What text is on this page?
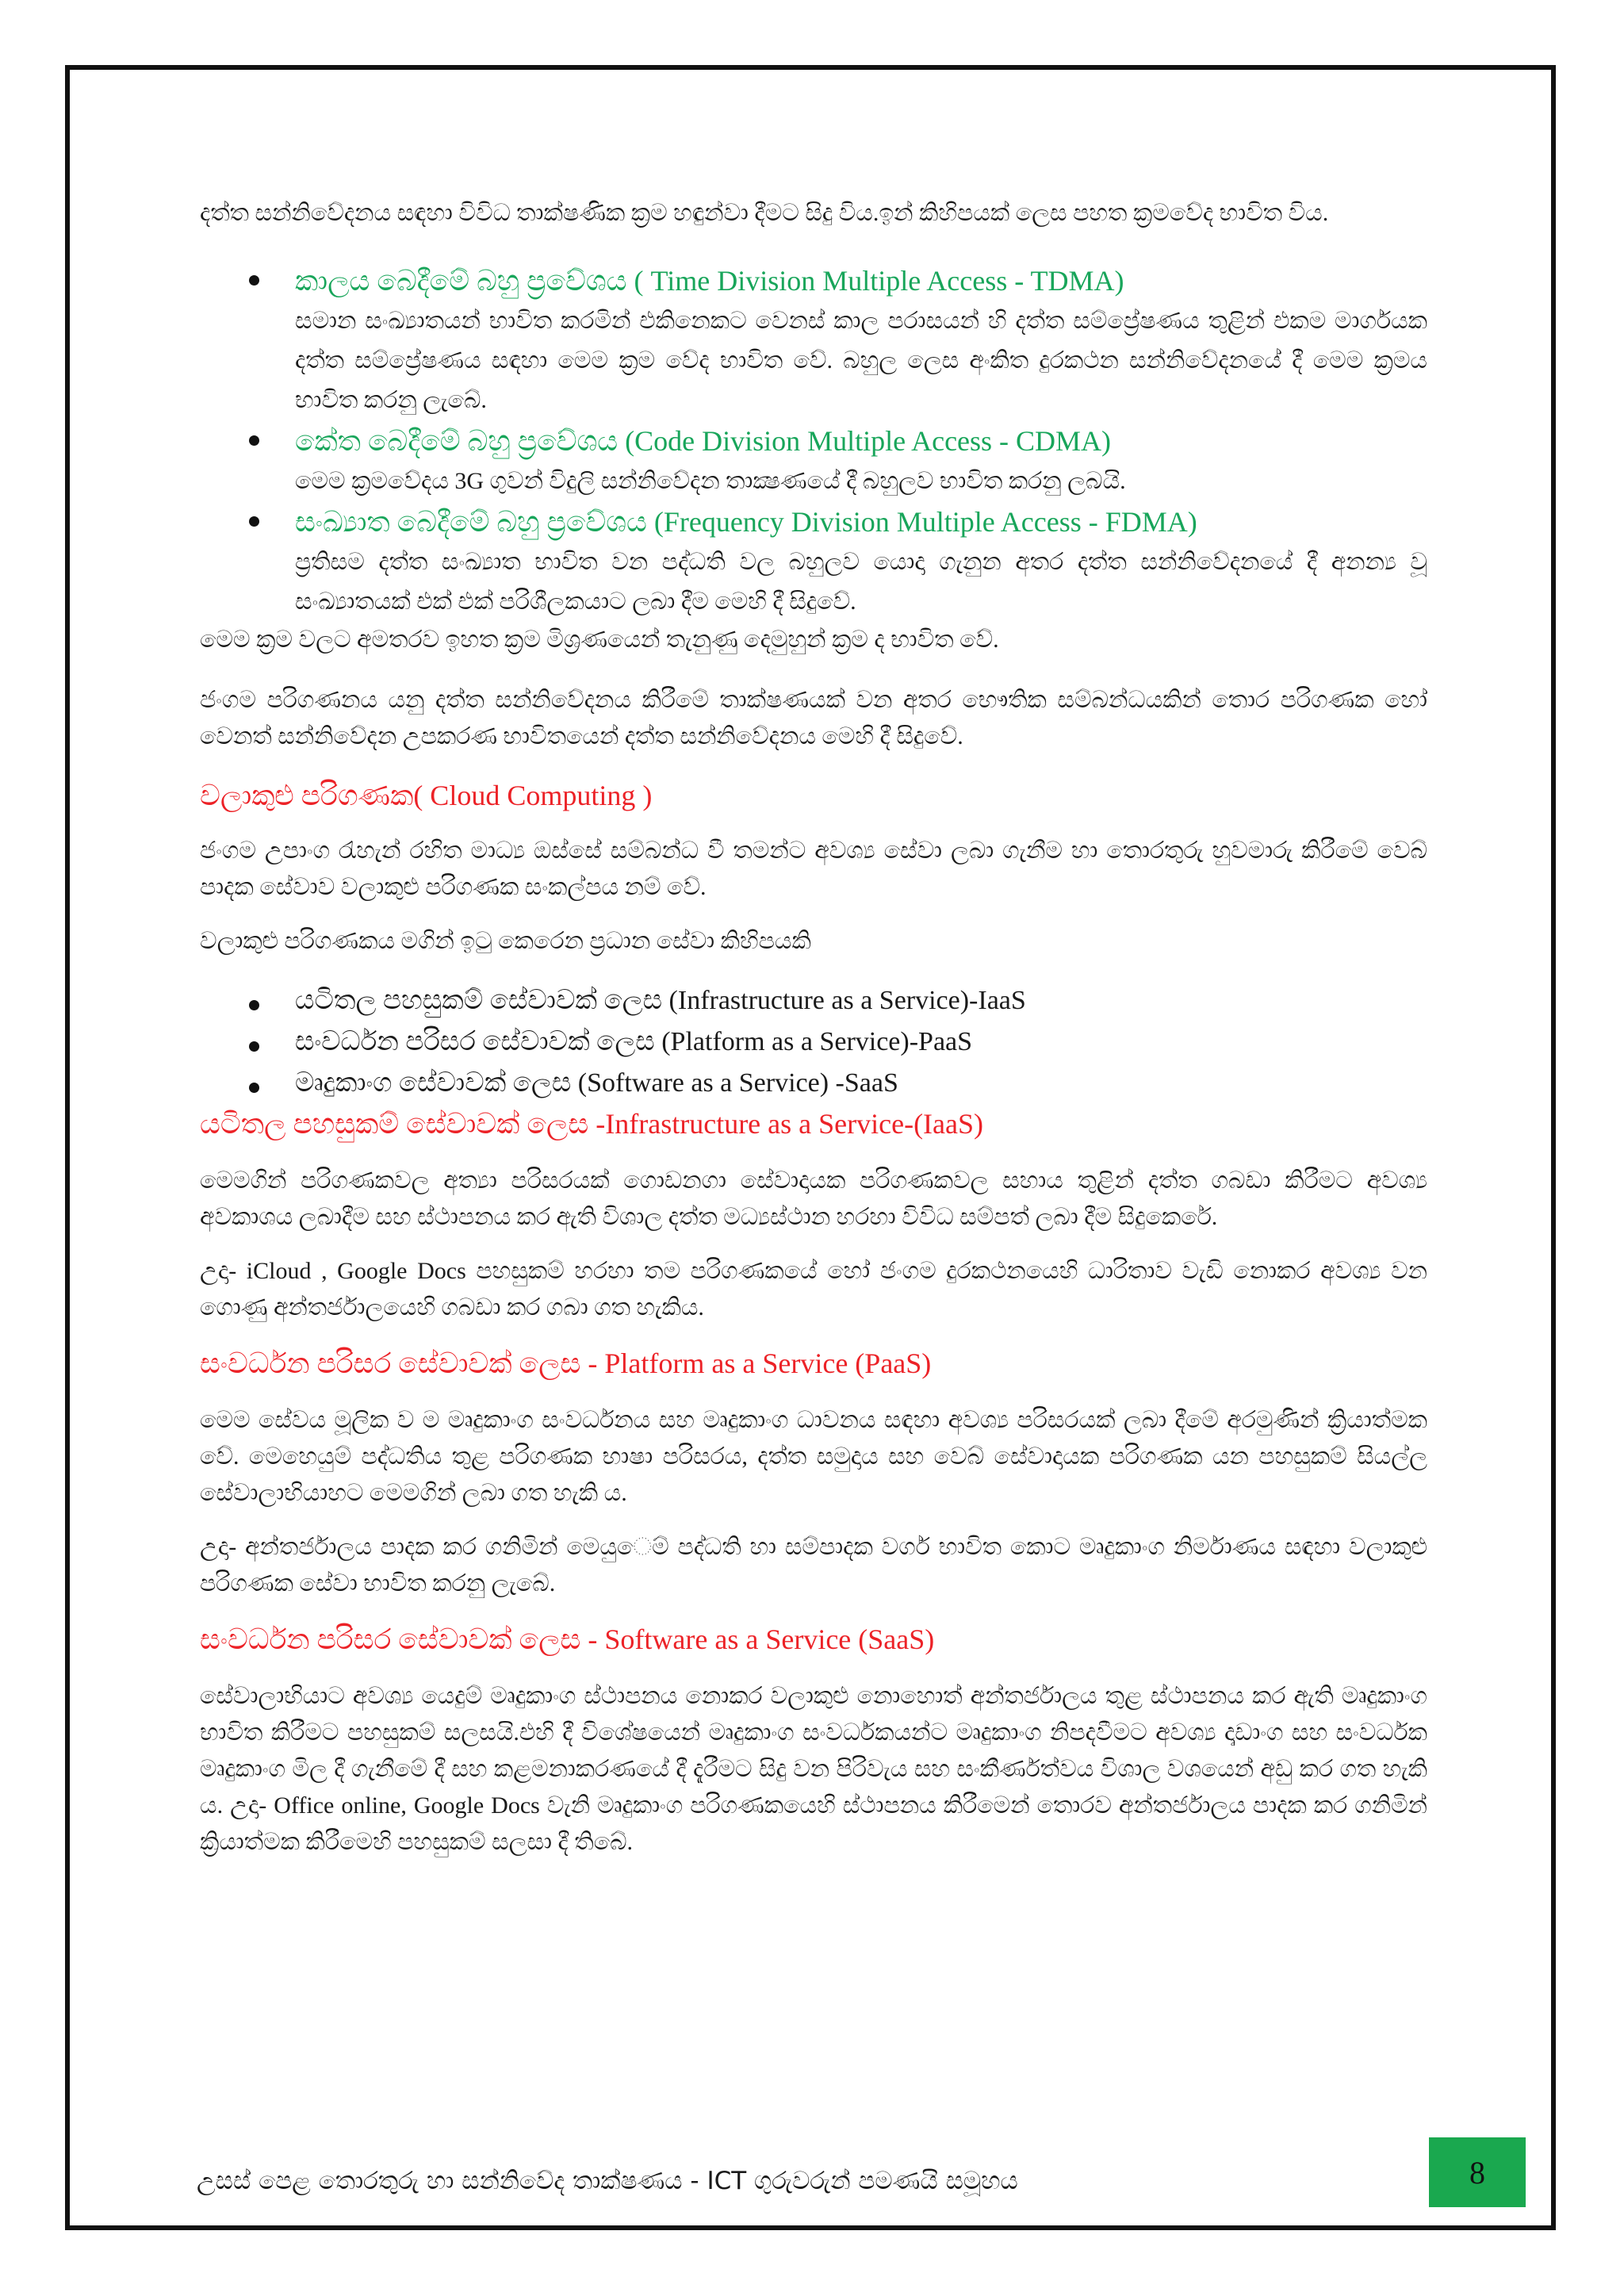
දත්ත සන්නිවේදනය සඳහා විවිධ තාක්ෂණික ක්‍රම හඳුන්වා දීමට සිදු විය.ඉන් කිහිපයක් ලෙස පහත ක්‍රමවේද භාවිත විය.

කාලය බෙදීමේ බහු ප්‍රවේශය ( Time Division Multiple Access - TDMA)
සමාන සංඛ්‍යාතයන් භාවිත කරමින් එකිනෙකට වෙනස් කාල පරාසයන් හි දත්ත සම්ප්‍රේෂණය තුළින් එකම මාර්ගයක දත්ත සම්ප්‍රේෂණය සඳහා මෙම ක්‍රම වේද භාවිත වේ. බහුල ලෙස අංකිත දුරකථන සන්නිවේදනයේ දී මෙම ක්‍රමය භාවිත කරනු ලැබේ.
කේත බෙදීමේ බහු ප්‍රවේශය (Code Division Multiple Access - CDMA)
මෙම ක්‍රමවේදය 3G ගුවන් විදුලි සන්නිවේදන තාක්‍ෂණයේ දී බහුලව භාවිත කරනු ලබයි.
සංඛ්‍යාත බෙදීමේ බහු ප්‍රවේශය (Frequency Division Multiple Access - FDMA)
ප්‍රතිසම දත්ත සංඛ්‍යාත භාවිත වන පද්ධති වල බහුලව යොදා ගැනුන අතර දත්ත සන්නිවේදනයේ දී අනන්‍ය වූ සංඛ්‍යාතයක් එක් එක් පරිශීලකයාට ලබා දීම මෙහි දී සිදුවේ.

මෙම ක්‍රම වලට අමතරව ඉහත ක්‍රම මිශ්‍රණයෙන් තැනුණු දෙමුහුන් ක්‍රම ද භාවිත වේ.

ජංගම පරිගණනය යනු දත්ත සන්නිවේදනය කිරීමේ තාක්ෂණයක් වන අතර භෞතික සම්බන්ධයකින් තොර පරිගණක හෝ වෙනත් සන්නිවේදන උපකරණ භාවිතයෙන් දත්ත සන්නිවේදනය මෙහි දී සිදුවේ.

වලාකුළු පරිගණක( Cloud Computing )

ජංගම උපාංග රැහැන් රහිත මාධ්‍ය ඔස්සේ සම්බන්ධ වී තමන්ට අවශ්‍ය සේවා ලබා ගැනීම හා තොරතුරු හුවමාරු කිරීමේ වෙබ් පාදක සේවාව වලාකුළු පරිගණක සංකල්පය නම් වේ.

වලාකුළු පරිගණකය මගින් ඉටු කෙරෙන ප්‍රධාන සේවා කිහිපයකි

යටිතල පහසුකම් සේවාවක් ලෙස (Infrastructure as a Service)-IaaS
සංවර්ධන පරිසර සේවාවක් ලෙස (Platform as a Service)-PaaS
මෘදුකාංග සේවාවක් ලෙස (Software as a Service) -SaaS

යටිතල පහසුකම් සේවාවක් ලෙස -Infrastructure as a Service-(IaaS)

මෙමගින් පරිගණකවල අත්‍යා පරිසරයක් ගොඩනගා සේවාදායක පරිගණකවල සහාය තුළින් දත්ත ගබඩා කිරීමට අවශ්‍ය අවකාශය ලබාදීම සහ ස්ථාපනය කර ඇති විශාල දත්ත මධ්‍යස්ථාන හරහා විවිධ සම්පත් ලබා දීම සිදුකෙරේ.

උදා- iCloud , Google Docs පහසුකම් හරහා තම පරිගණකයේ හෝ ජංගම දුරකථනයෙහි ධාරිතාව වැඩි නොකර අවශ්‍ය වන ගොණු අන්තර්ජාලයෙහි ගබඩා කර ගබා ගත හැකිය.

සංවර්ධන පරිසර සේවාවක් ලෙස - Platform as a Service (PaaS)

මෙම සේවය මූලික ව ම මෘදුකාංග සංවර්ධනය සහ මෘදුකාංග ධාවනය සඳහා අවශ්‍ය පරිසරයක් ලබා දීමේ අරමුණින් ක්‍රියාත්මක වේ. මෙහෙයුම් පද්ධතිය තුළ පරිගණක භාෂා පරිසරය, දත්ත සමුදාය සහ වෙබ් සේවාදායක පරිගණක යන පහසුකම් සියල්ල සේවාලාභියාහට මෙමගින් ලබා ගත හැකි ය.

උදා- අන්තර්ජාලය පාදක කර ගනිමින් මෙයුෙම් පද්ධති හා සම්පාදක වර්ග භාවිත කොට මෘදුකාංග නිර්මාණය සඳහා වලාකුළු පරිගණක සේවා භාවිත කරනු ලැබේ.

සංවර්ධන පරිසර සේවාවක් ලෙස - Software as a Service (SaaS)

සේවාලාභියාට අවශ්‍ය යෙදුම් මෘදුකාංග ස්ථාපනය නොකර වලාකුළු නොහොත් අන්තර්ජාලය තුළ ස්ථාපනය කර ඇති මෘදුකාංග භාවිත කිරීමට පහසුකම් සලසයි.එහි දී විශේෂයෙන් මෘදුකාංග සංවර්ධකයන්ට මෘදුකාංග නිපදවීමට අවශ්‍ය දෘඩාංග සහ සංවර්ධක මෘදුකාංග මිල දී ගැනීමේ දී සහ කළමනාකරණයේ දී දැරීමට සිදු වන පිරිවැය සහ සංකීර්ණත්වය විශාල වශයෙන් අඩු කර ගත හැකි ය. උදා- Office online, Google Docs වැනි මෘදුකාංග පරිගණකයෙහි ස්ථාපනය කිරීමෙන් තොරව අන්තර්ජාලය පාදක කර ගනිමින් ක්‍රියාත්මක කිරීමෙහි පහසුකම් සලසා දී තිබේ.

උසස් පෙළ තොරතුරු හා සන්නිවේද තාක්ෂණය - ICT ගුරුවරුන් පමණයි සමූහය	8
